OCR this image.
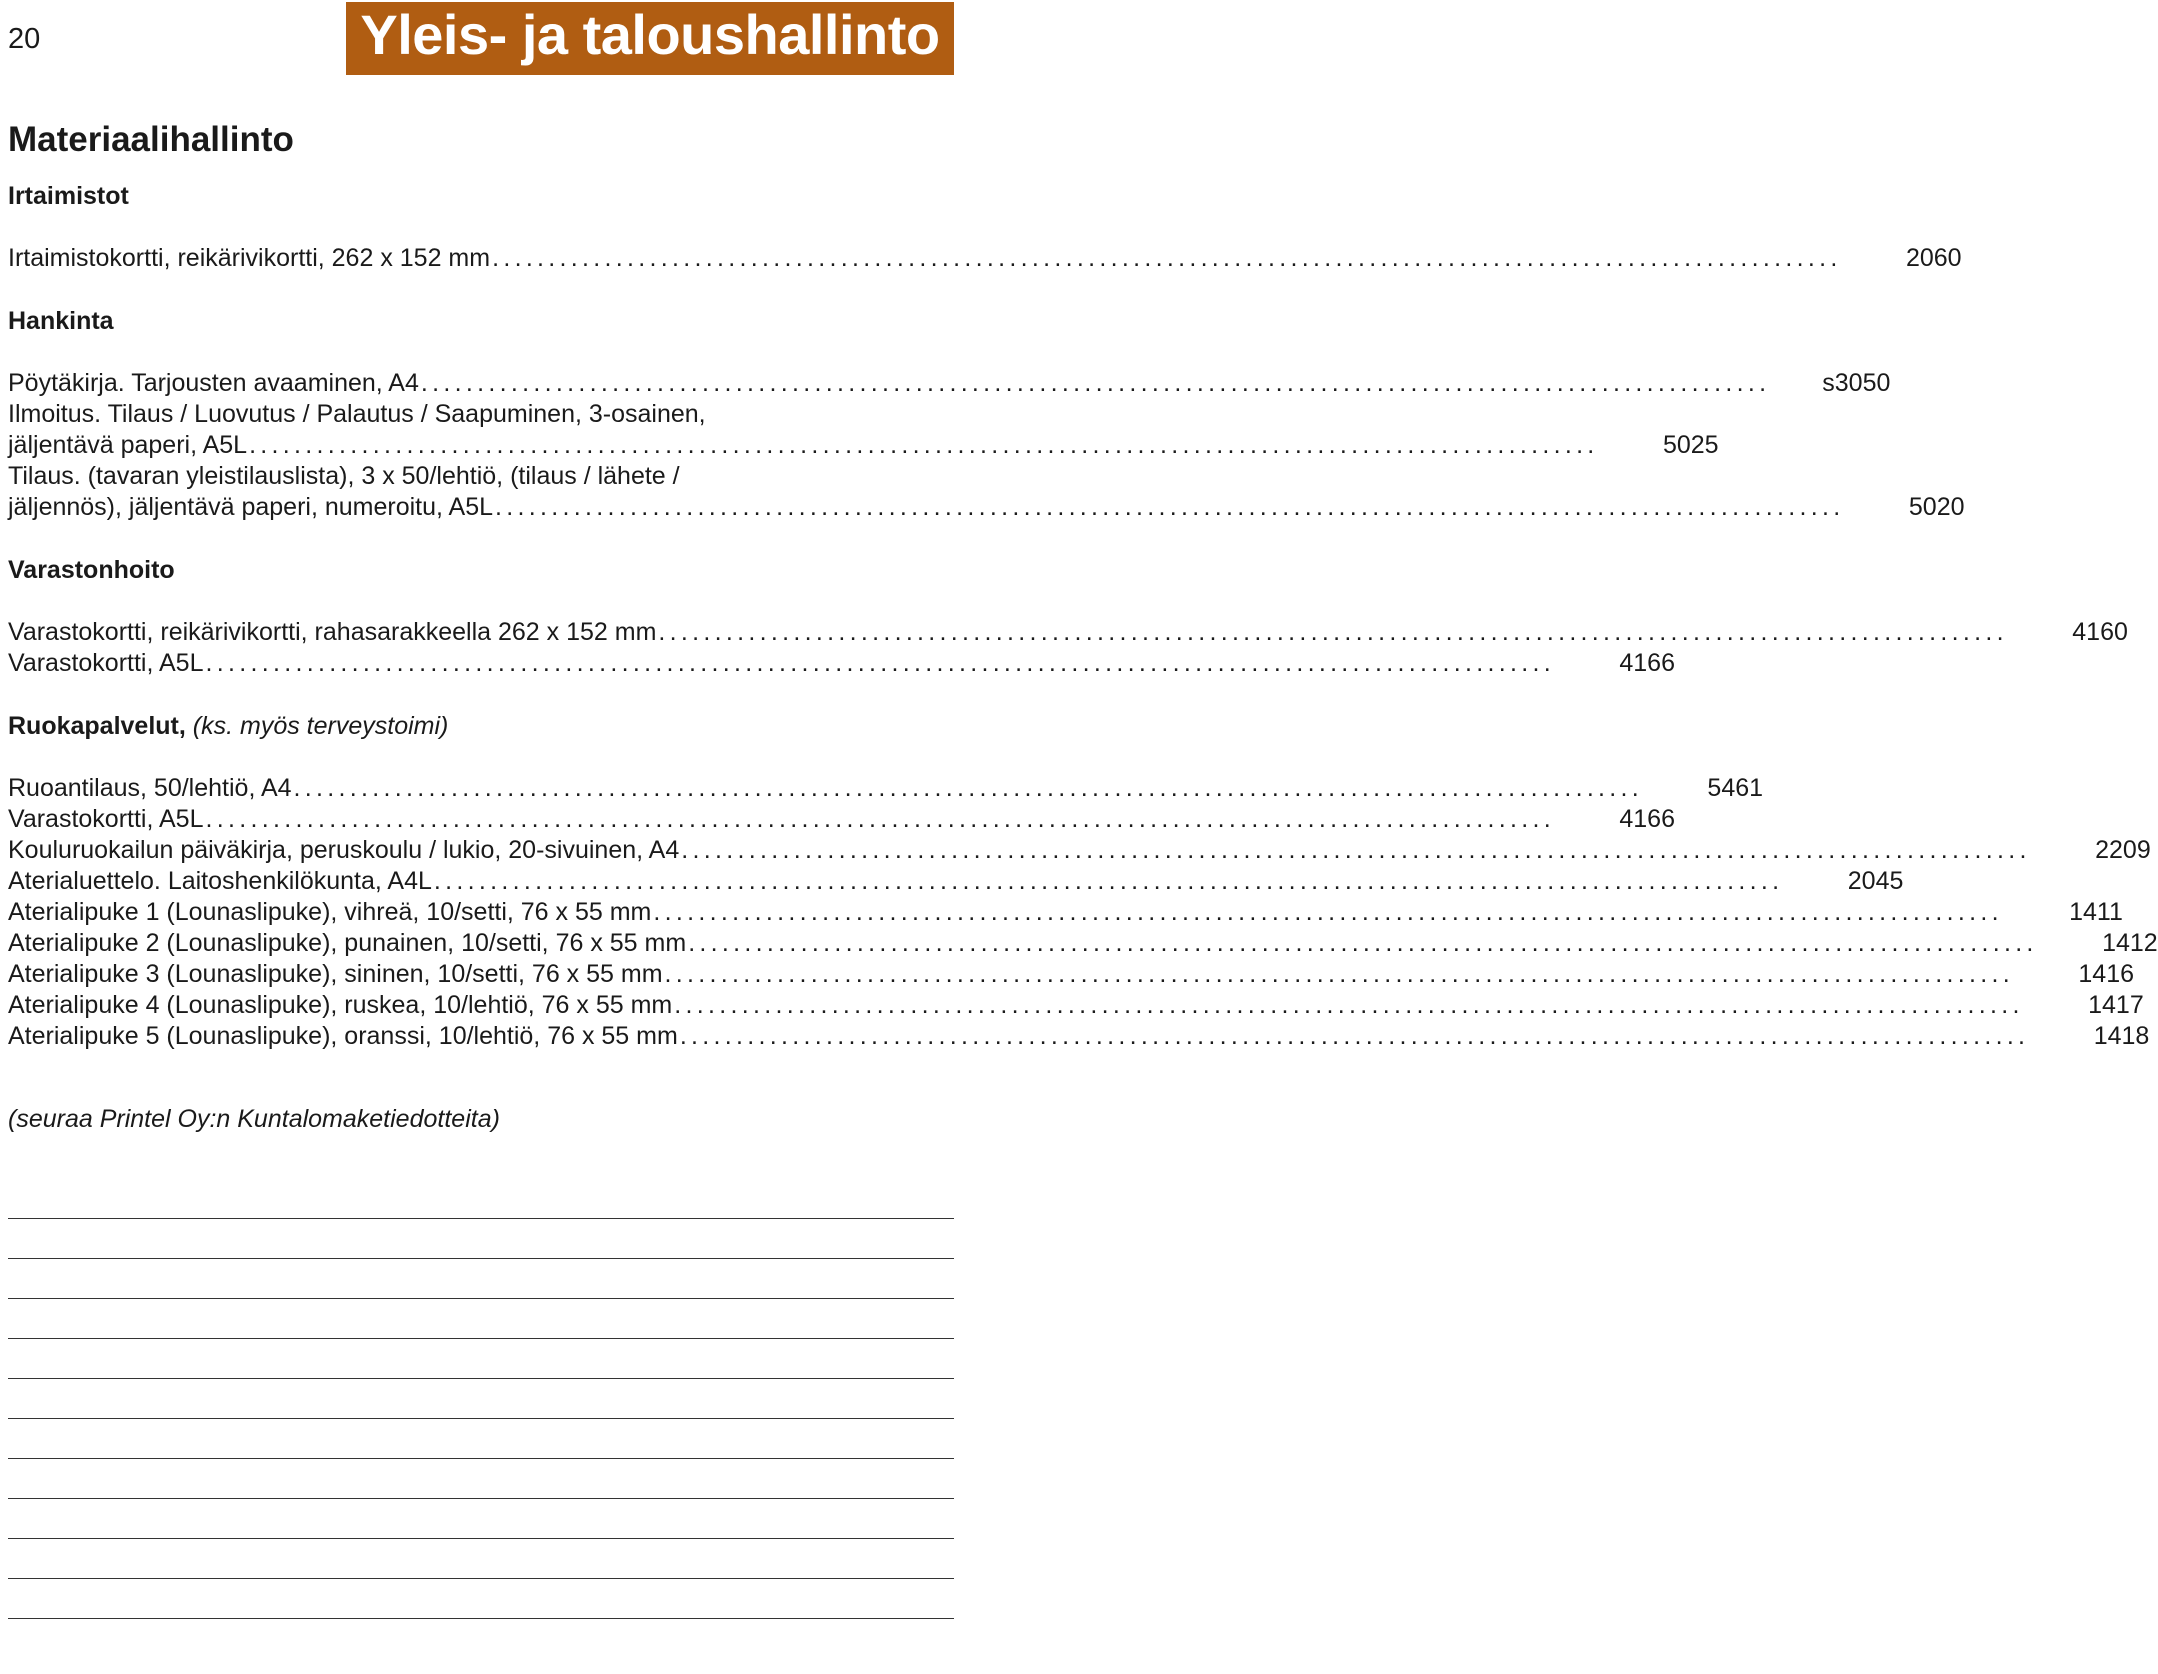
20	Yleis- ja taloushallinto
Materiaalihallinto
Irtaimistot
Irtaimistokortti, reikärivikortti, 262 x 152 mm ........................................................................................................................	2060
Hankinta
Pöytäkirja. Tarjousten avaaminen, A4 ........................................................................................................................	s3050
Ilmoitus. Tilaus / Luovutus / Palautus / Saapuminen, 3-osainen,
jäljentävä paperi, A5L ........................................................................................................................	5025
Tilaus. (tavaran yleistilauslista), 3 x 50/lehtiö, (tilaus / lähete /
jäljennös), jäljentävä paperi, numeroitu, A5L ........................................................................................................................	5020
Varastonhoito
Varastokortti, reikärivikortti, rahasarakkeella 262 x 152 mm ........................................................................................................................	4160
Varastokortti, A5L ........................................................................................................................	4166
Ruokapalvelut, (ks. myös terveystoimi)
Ruoantilaus, 50/lehtiö, A4 ........................................................................................................................	5461
Varastokortti, A5L ........................................................................................................................	4166
Kouluruokailun päiväkirja, peruskoulu / lukio, 20-sivuinen, A4 ........................................................................................................................	2209
Aterialuettelo. Laitoshenkilökunta, A4L ........................................................................................................................	2045
Aterialipuke 1 (Lounaslipuke), vihreä, 10/setti, 76 x 55 mm ........................................................................................................................	1411
Aterialipuke 2 (Lounaslipuke), punainen, 10/setti, 76 x 55 mm ........................................................................................................................	1412
Aterialipuke 3 (Lounaslipuke), sininen, 10/setti, 76 x 55 mm ........................................................................................................................	1416
Aterialipuke 4 (Lounaslipuke), ruskea, 10/lehtiö, 76 x 55 mm ........................................................................................................................	1417
Aterialipuke 5 (Lounaslipuke), oranssi, 10/lehtiö, 76 x 55 mm ........................................................................................................................	1418
(seuraa Printel Oy:n Kuntalomaketiedotteita)
